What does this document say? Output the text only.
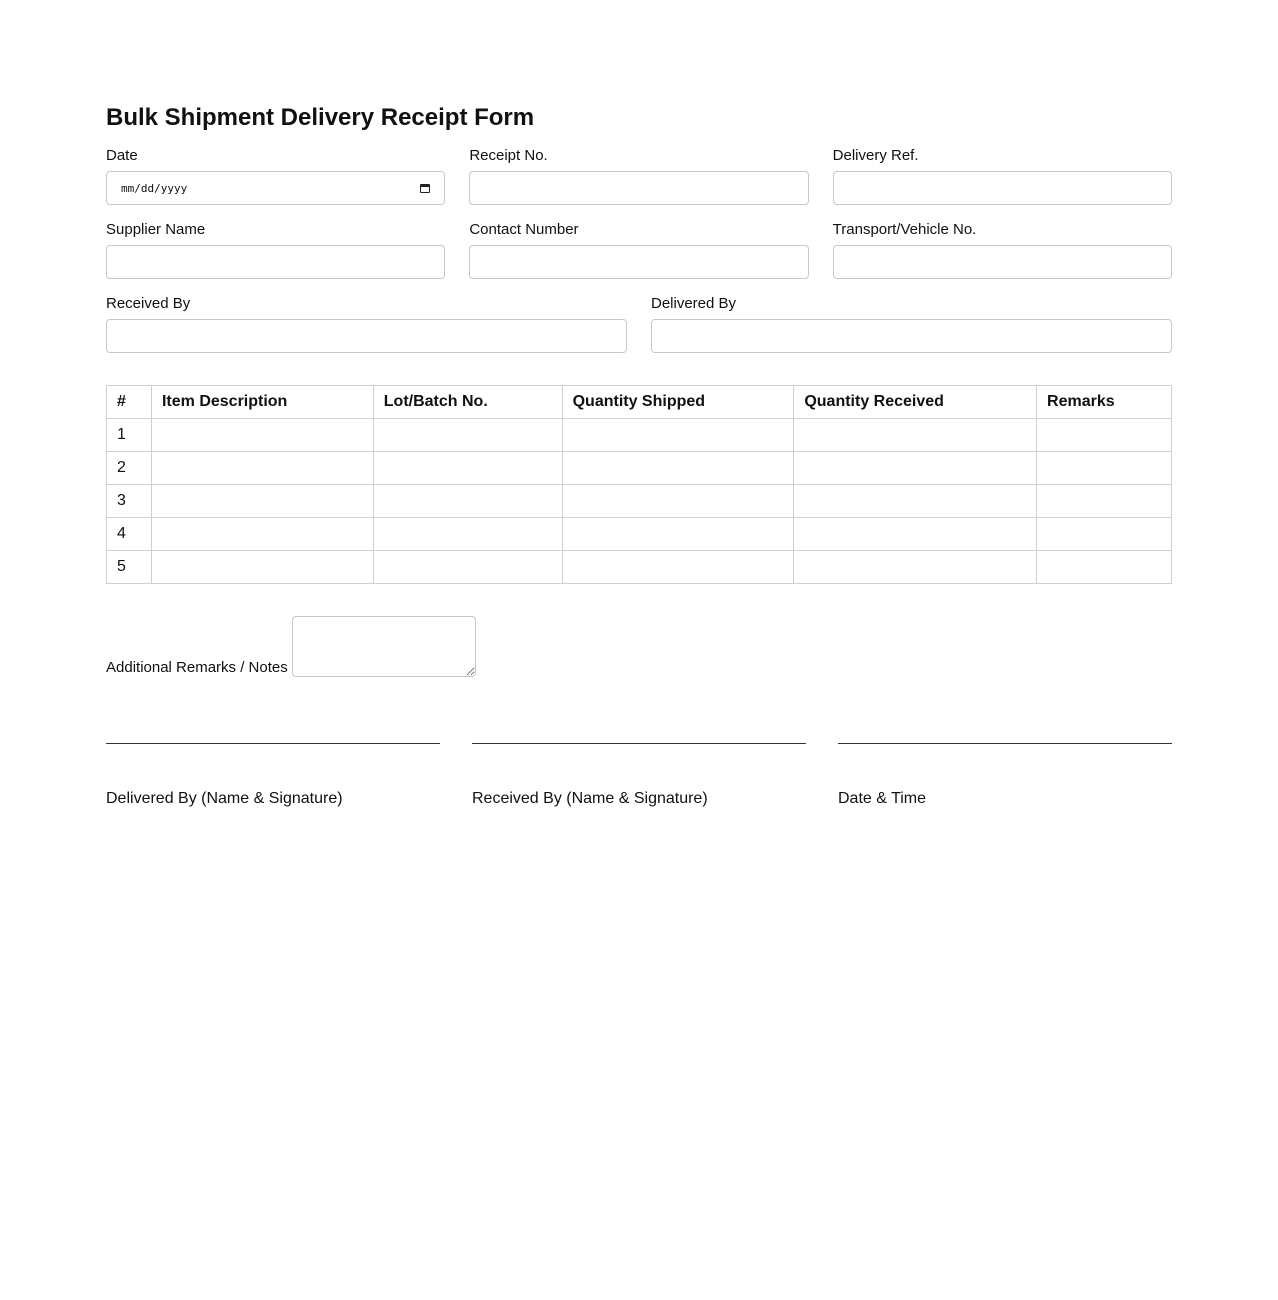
Bulk Shipment Delivery Receipt Form
Date
mm/dd/yyyy
Receipt No.	Delivery Ref.
Supplier Name	Contact Number	Transport/Vehicle No.
Received By	Delivered By
#	Item Description	Lot/Batch No.	Quantity Shipped	Quantity Received	Remarks
1					
2					
3					
4					
5					
Additional Remarks / Notes
Delivered By (Name & Signature)	Received By (Name & Signature)	Date & Time
